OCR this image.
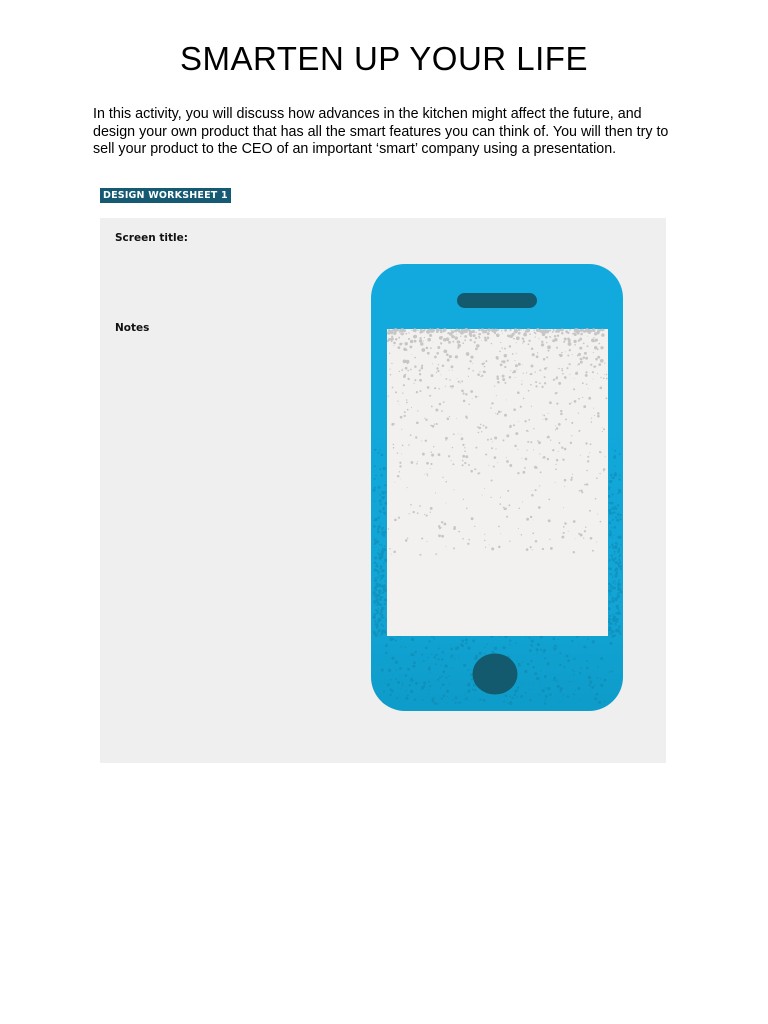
SMARTEN UP YOUR LIFE

In this activity, you will discuss how advances in the kitchen might affect the future, and design your own product that has all the smart features you can think of. You will then try to sell your product to the CEO of an important ‘smart’ company using a presentation.

DESIGN WORKSHEET 1
Screen title:
Notes
